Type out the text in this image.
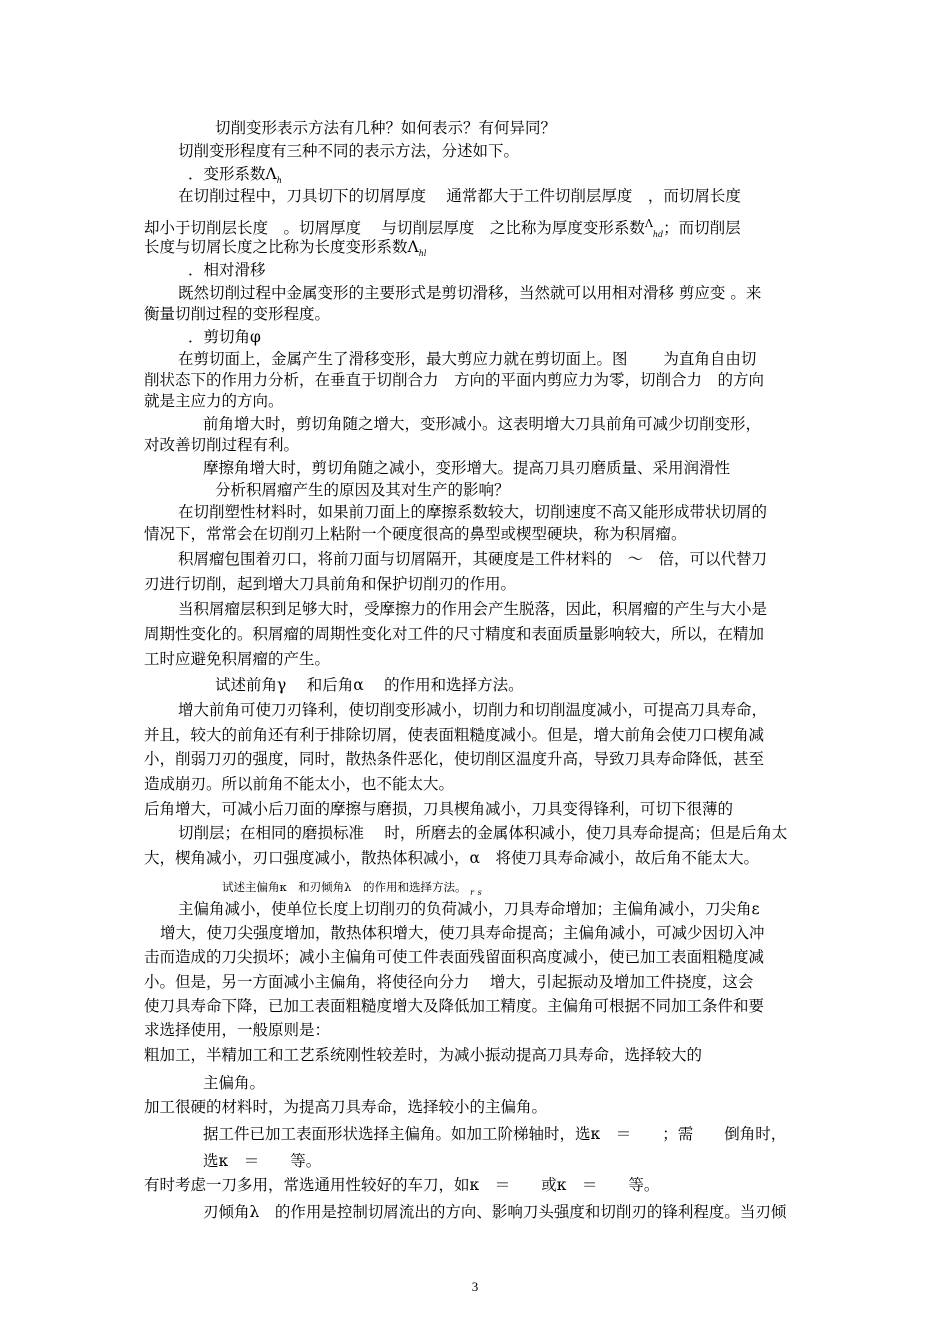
切削变形表示方法有几种？如何表示？有何异同？
切削变形程度有三种不同的表示方法，分述如下。
．变形系数$\Lambda_h$
在切削过程中，刀具切下的切屑厚度　 通常都大于工件切削层厚度　，而切屑长度
却小于切削层长度　。切屑厚度　 与切削层厚度　之比称为厚度变形系数$^\Lambda_{hd}$；而切削层
长度与切屑长度之比称为长度变形系数$\Lambda_{hl}$
．相对滑移
既然切削过程中金属变形的主要形式是剪切滑移，当然就可以用相对滑移 剪应变 。来
衡量切削过程的变形程度。
．剪切角φ
在剪切面上，金属产生了滑移变形，最大剪应力就在剪切面上。图　　 为直角自由切
削状态下的作用力分析，在垂直于切削合力　方向的平面内剪应力为零，切削合力　的方向
就是主应力的方向。
前角增大时，剪切角随之增大，变形减小。这表明增大刀具前角可减少切削变形，
对改善切削过程有利。
摩擦角增大时，剪切角随之减小，变形增大。提高刀具刃磨质量、采用润滑性
分析积屑瘤产生的原因及其对生产的影响？
在切削塑性材料时，如果前刀面上的摩擦系数较大，切削速度不高又能形成带状切屑的
情况下，常常会在切削刃上粘附一个硬度很高的鼻型或楔型硬块，称为积屑瘤。
积屑瘤包围着刃口，将前刀面与切屑隔开，其硬度是工件材料的　～　倍，可以代替刀
刃进行切削，起到增大刀具前角和保护切削刃的作用。
当积屑瘤层积到足够大时，受摩擦力的作用会产生脱落，因此，积屑瘤的产生与大小是
周期性变化的。积屑瘤的周期性变化对工件的尺寸精度和表面质量影响较大，所以，在精加
工时应避免积屑瘤的产生。
试述前角γ　 和后角α　 的作用和选择方法。
增大前角可使刀刃锋利，使切削变形减小，切削力和切削温度减小，可提高刀具寿命，
并且，较大的前角还有利于排除切屑，使表面粗糙度减小。但是，增大前角会使刀口楔角减
小，削弱刀刃的强度，同时，散热条件恶化，使切削区温度升高，导致刀具寿命降低，甚至
造成崩刃。所以前角不能太小，也不能太大。
后角增大，可减小后刀面的摩擦与磨损，刀具楔角减小，刀具变得锋利，可切下很薄的
切削层；在相同的磨损标准　 时，所磨去的金属体积减小，使刀具寿命提高；但是后角太
大，楔角减小，刃口强度减小，散热体积减小，α　将使刀具寿命减小，故后角不能太大。
试述主偏角κ　和刃倾角λ　的作用和选择方法。 $_r$ $_s$
主偏角减小，使单位长度上切削刃的负荷减小，刀具寿命增加；主偏角减小，刀尖角ε
增大，使刀尖强度增加，散热体积增大，使刀具寿命提高；主偏角减小，可减少因切入冲
击而造成的刀尖损坏；减小主偏角可使工件表面残留面积高度减小，使已加工表面粗糙度减
小。但是，另一方面减小主偏角，将使径向分力　 增大，引起振动及增加工件挠度，这会
使刀具寿命下降，已加工表面粗糙度增大及降低加工精度。主偏角可根据不同加工条件和要
求选择使用，一般原则是：
粗加工，半精加工和工艺系统刚性较差时，为减小振动提高刀具寿命，选择较大的
主偏角。
加工很硬的材料时，为提高刀具寿命，选择较小的主偏角。
据工件已加工表面形状选择主偏角。如加工阶梯轴时，选κ　＝　　；需　　倒角时，
选κ　＝　　等。
有时考虑一刀多用，常选通用性较好的车刀，如κ　＝　　或κ　＝　　等。
刃倾角λ　的作用是控制切屑流出的方向、影响刀头强度和切削刃的锋利程度。当刃倾
3
